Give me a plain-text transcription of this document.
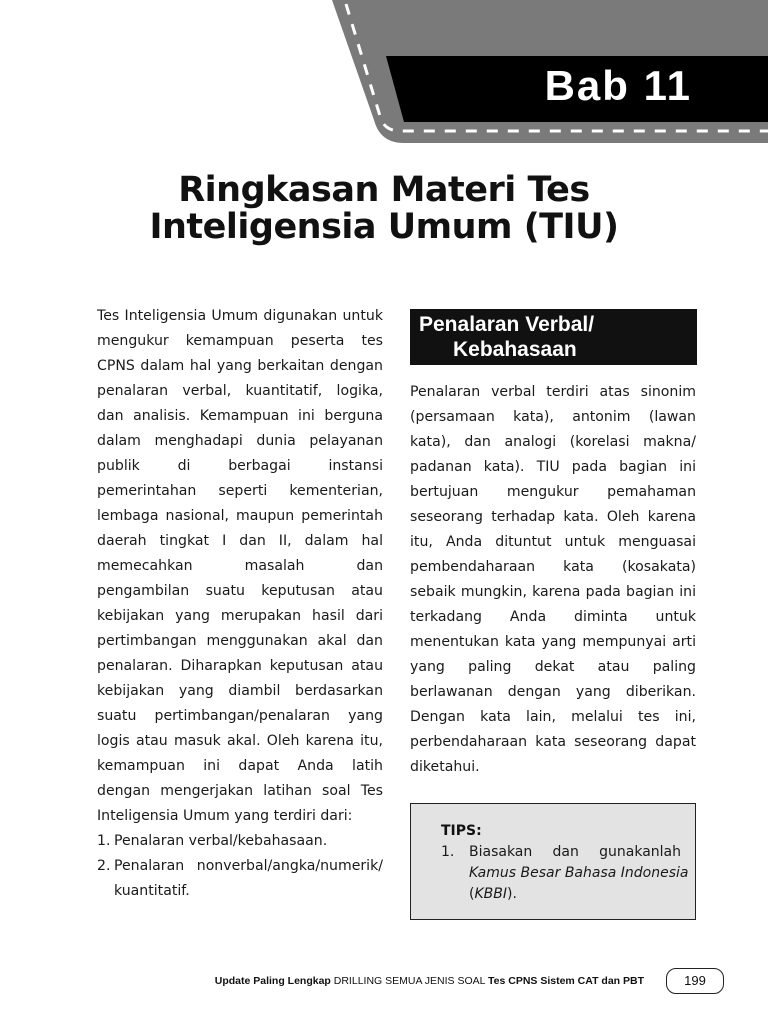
Bab 11
Ringkasan Materi Tes
Inteligensia Umum (TIU)

Tes Inteligensia Umum digunakan untuk mengukur kemampuan peserta tes CPNS dalam hal yang berkaitan dengan penalaran verbal, kuantitatif, logika, dan analisis. Kemampuan ini berguna dalam menghadapi dunia pelayanan publik di berbagai instansi pemerintahan seperti kementerian, lembaga nasional, maupun pemerintah daerah tingkat I dan II, dalam hal memecahkan masalah dan pengambilan suatu keputusan atau kebijakan yang merupakan hasil dari pertimbangan menggunakan akal dan penalaran. Diharapkan keputusan atau kebijakan yang diambil berdasarkan suatu pertimbangan/penalaran yang logis atau masuk akal. Oleh karena itu, kemampuan ini dapat Anda latih dengan mengerjakan latihan soal Tes Inteligensia Umum yang terdiri dari:

1. Penalaran verbal/kebahasaan.
2. Penalaran nonverbal/angka/numerik/ kuantitatif.
Penalaran Verbal/
Kebahasaan

Penalaran verbal terdiri atas sinonim (persamaan kata), antonim (lawan kata), dan analogi (korelasi makna/ padanan kata). TIU pada bagian ini bertujuan mengukur pemahaman seseorang terhadap kata. Oleh karena itu, Anda dituntut untuk menguasai pembendaharaan kata (kosakata) sebaik mungkin, karena pada bagian ini terkadang Anda diminta untuk menentukan kata yang mempunyai arti yang paling dekat atau paling berlawanan dengan yang diberikan. Dengan kata lain, melalui tes ini, perbendaharaan kata seseorang dapat diketahui.

TIPS:

1. Biasakan dan gunakanlah
Kamus Besar Bahasa Indonesia
(KBBI).
Update Paling Lengkap DRILLING SEMUA JENIS SOAL Tes CPNS Sistem CAT dan PBT	199
